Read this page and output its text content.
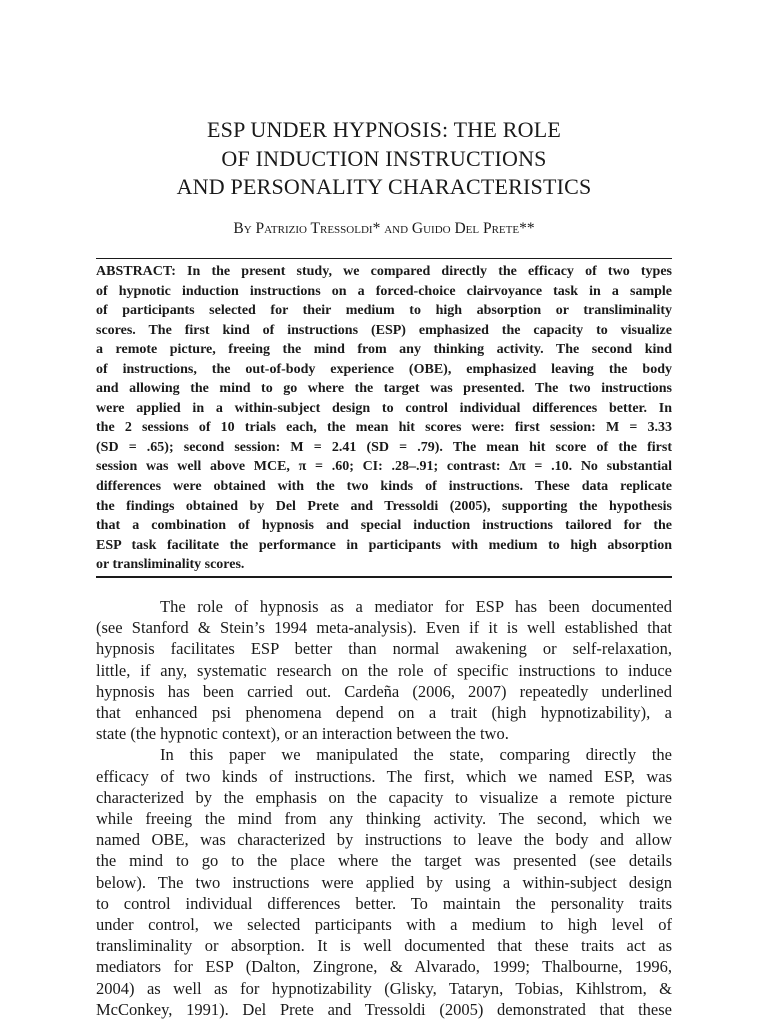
ESP UNDER HYPNOSIS: THE ROLE
OF INDUCTION INSTRUCTIONS
AND PERSONALITY CHARACTERISTICS
By Patrizio Tressoldi* and Guido Del Prete**
ABSTRACT: In the present study, we compared directly the efficacy of two types
of hypnotic induction instructions on a forced-choice clairvoyance task in a sample
of participants selected for their medium to high absorption or transliminality
scores. The first kind of instructions (ESP) emphasized the capacity to visualize
a remote picture, freeing the mind from any thinking activity. The second kind
of instructions, the out-of-body experience (OBE), emphasized leaving the body
and allowing the mind to go where the target was presented. The two instructions
were applied in a within-subject design to control individual differences better. In
the 2 sessions of 10 trials each, the mean hit scores were: first session: M = 3.33
(SD = .65); second session: M = 2.41 (SD = .79). The mean hit score of the first
session was well above MCE, π = .60; CI: .28–.91; contrast: Δπ = .10. No substantial
differences were obtained with the two kinds of instructions. These data replicate
the findings obtained by Del Prete and Tressoldi (2005), supporting the hypothesis
that a combination of hypnosis and special induction instructions tailored for the
ESP task facilitate the performance in participants with medium to high absorption
or transliminality scores.
The role of hypnosis as a mediator for ESP has been documented
(see Stanford & Stein’s 1994 meta-analysis). Even if it is well established that
hypnosis facilitates ESP better than normal awakening or self-relaxation,
little, if any, systematic research on the role of specific instructions to induce
hypnosis has been carried out. Cardeña (2006, 2007) repeatedly underlined
that enhanced psi phenomena depend on a trait (high hypnotizability), a
state (the hypnotic context), or an interaction between the two.
In this paper we manipulated the state, comparing directly the
efficacy of two kinds of instructions. The first, which we named ESP, was
characterized by the emphasis on the capacity to visualize a remote picture
while freeing the mind from any thinking activity. The second, which we
named OBE, was characterized by instructions to leave the body and allow
the mind to go to the place where the target was presented (see details
below). The two instructions were applied by using a within-subject design
to control individual differences better. To maintain the personality traits
under control, we selected participants with a medium to high level of
transliminality or absorption. It is well documented that these traits act as
mediators for ESP (Dalton, Zingrone, & Alvarado, 1999; Thalbourne, 1996,
2004) as well as for hypnotizability (Glisky, Tataryn, Tobias, Kihlstrom, &
McConkey, 1991). Del Prete and Tressoldi (2005) demonstrated that these
